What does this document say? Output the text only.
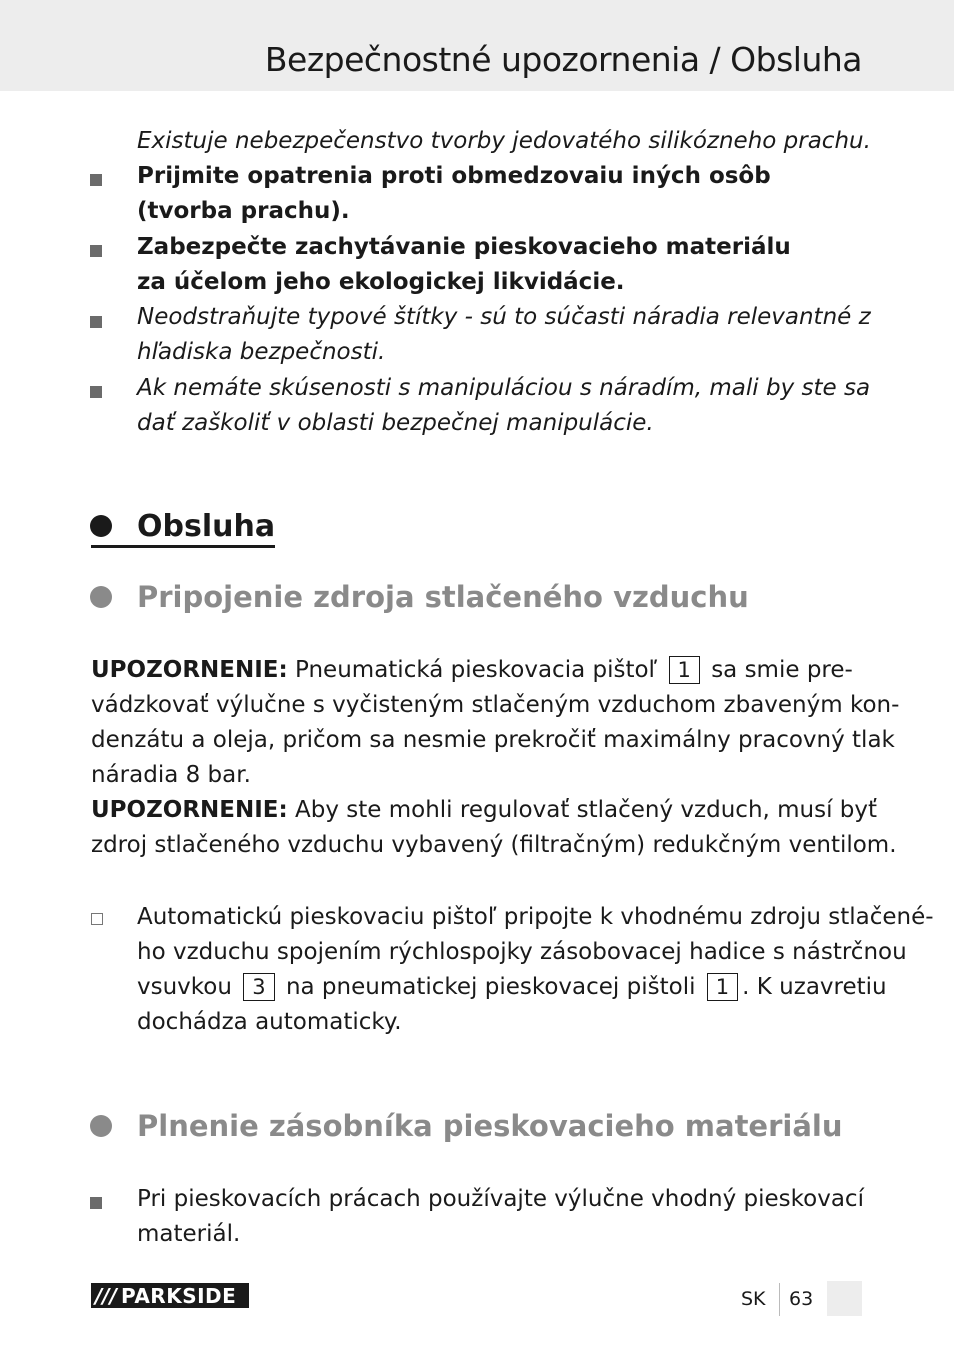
Bezpečnostné upozornenia / Obsluha
Existuje nebezpečenstvo tvorby jedovatého silikózneho prachu.
Prijmite opatrenia proti obmedzovaiu iných osôb
(tvorba prachu).
Zabezpečte zachytávanie pieskovacieho materiálu
za účelom jeho ekologickej likvidácie.
Neodstraňujte typové štítky - sú to súčasti náradia relevantné z
hľadiska bezpečnosti.
Ak nemáte skúsenosti s manipuláciou s náradím, mali by ste sa
dať zaškoliť v oblasti bezpečnej manipulácie.
Obsluha
Pripojenie zdroja stlačeného vzduchu
UPOZORNENIE: Pneumatická pieskovacia pištoľ 1 sa smie pre-
vádzkovať výlučne s vyčisteným stlačeným vzduchom zbaveným kon-
denzátu a oleja, pričom sa nesmie prekročiť maximálny pracovný tlak
náradia 8 bar.
UPOZORNENIE: Aby ste mohli regulovať stlačený vzduch, musí byť
zdroj stlačeného vzduchu vybavený (filtračným) redukčným ventilom.
Automatickú pieskovaciu pištoľ pripojte k vhodnému zdroju stlačené-
ho vzduchu spojením rýchlospojky zásobovacej hadice s nástrčnou
vsuvkou 3 na pneumatickej pieskovacej pištoli 1 . K uzavretiu
dochádza automaticky.
Plnenie zásobníka pieskovacieho materiálu
Pri pieskovacích prácach používajte výlučne vhodný pieskovací
materiál.
/// PARKSIDE	SK 63
